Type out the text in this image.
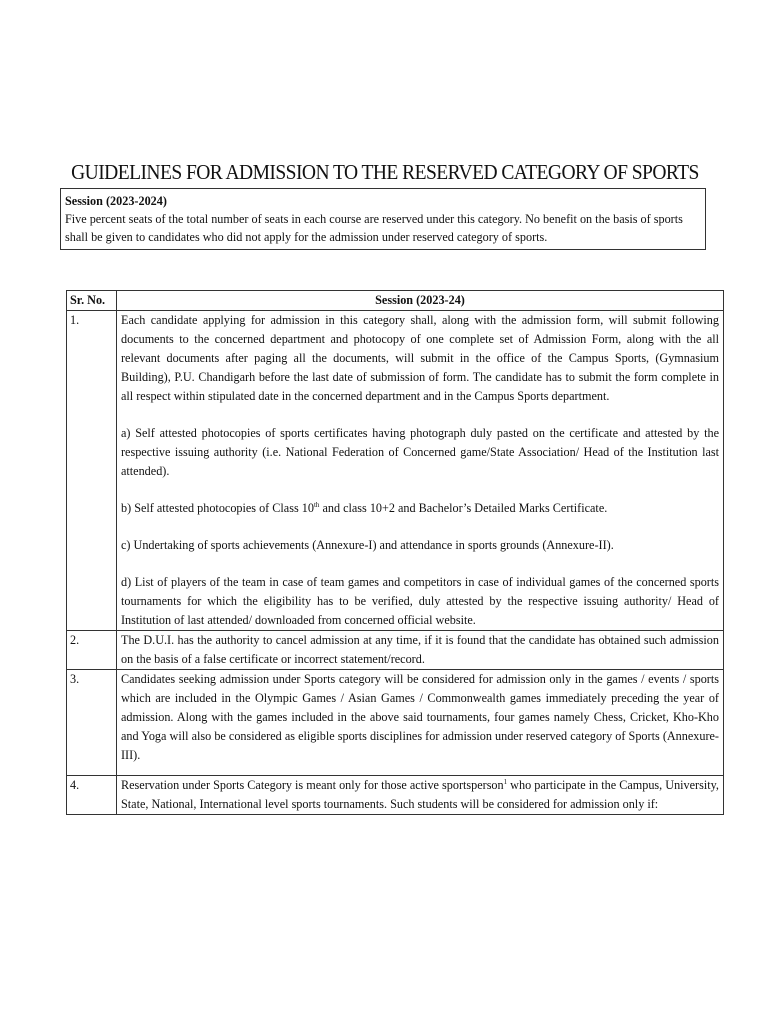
GUIDELINES FOR ADMISSION TO THE RESERVED CATEGORY OF SPORTS
Session (2023-2024)
Five percent seats of the total number of seats in each course are reserved under this category. No benefit on the basis of sports shall be given to candidates who did not apply for the admission under reserved category of sports.
Sr. No.	Session (2023-24)
1.	Each candidate applying for admission in this category shall, along with the admission form, will submit following documents to the concerned department and photocopy of one complete set of Admission Form, along with the all relevant documents after paging all the documents, will submit in the office of the Campus Sports, (Gymnasium Building), P.U. Chandigarh before the last date of submission of form. The candidate has to submit the form complete in all respect within stipulated date in the concerned department and in the Campus Sports department.

a) Self attested photocopies of sports certificates having photograph duly pasted on the certificate and attested by the respective issuing authority (i.e. National Federation of Concerned game/State Association/ Head of the Institution last attended).

b) Self attested photocopies of Class 10th and class 10+2 and Bachelor’s Detailed Marks Certificate.

c) Undertaking of sports achievements (Annexure-I) and attendance in sports grounds (Annexure-II).

d) List of players of the team in case of team games and competitors in case of individual games of the concerned sports tournaments for which the eligibility has to be verified, duly attested by the respective issuing authority/ Head of Institution of last attended/ downloaded from concerned official website.

2.	The D.U.I. has the authority to cancel admission at any time, if it is found that the candidate has obtained such admission on the basis of a false certificate or incorrect statement/record.
3.	Candidates seeking admission under Sports category will be considered for admission only in the games / events / sports which are included in the Olympic Games / Asian Games / Commonwealth games immediately preceding the year of admission. Along with the games included in the above said tournaments, four games namely Chess, Cricket, Kho-Kho and Yoga will also be considered as eligible sports disciplines for admission under reserved category of Sports (Annexure-III).

4.	Reservation under Sports Category is meant only for those active sportsperson$^1$ who participate in the Campus, University, State, National, International level sports tournaments. Such students will be considered for admission only if:
